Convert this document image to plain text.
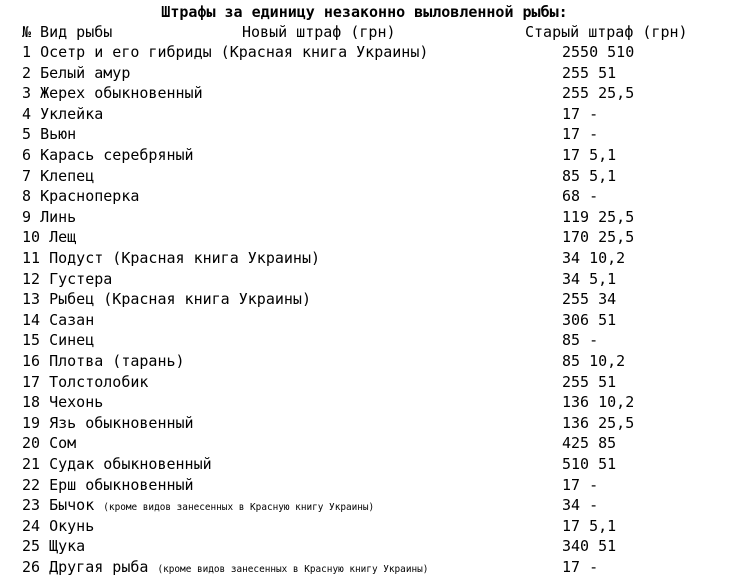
Штрафы за единицу незаконно выловленной рыбы:
№ Вид рыбы	Новый штраф (грн)	Старый штраф (грн)
1 Осетр и его гибриды (Красная книга Украины)	2550 510
2 Белый амур	255 51
3 Жерех обыкновенный	255 25,5
4 Уклейка	17 -
5 Вьюн	17 -
6 Карась серебряный	17 5,1
7 Клепец	85 5,1
8 Красноперка	68 -
9 Линь	119 25,5
10 Лещ	170 25,5
11 Подуст (Красная книга Украины)	34 10,2
12 Густера	34 5,1
13 Рыбец (Красная книга Украины)	255 34
14 Сазан	306 51
15 Синец	85 -
16 Плотва (тарань)	85 10,2
17 Толстолобик	255 51
18 Чехонь	136 10,2
19 Язь обыкновенный	136 25,5
20 Сом	425 85
21 Судак обыкновенный	510 51
22 Ерш обыкновенный	17 -
23 Бычок (кроме видов занесенных в Красную книгу Украины)	34 -
24 Окунь	17 5,1
25 Щука	340 51
26 Другая рыба (кроме видов занесенных в Красную книгу Украины)	17 -
